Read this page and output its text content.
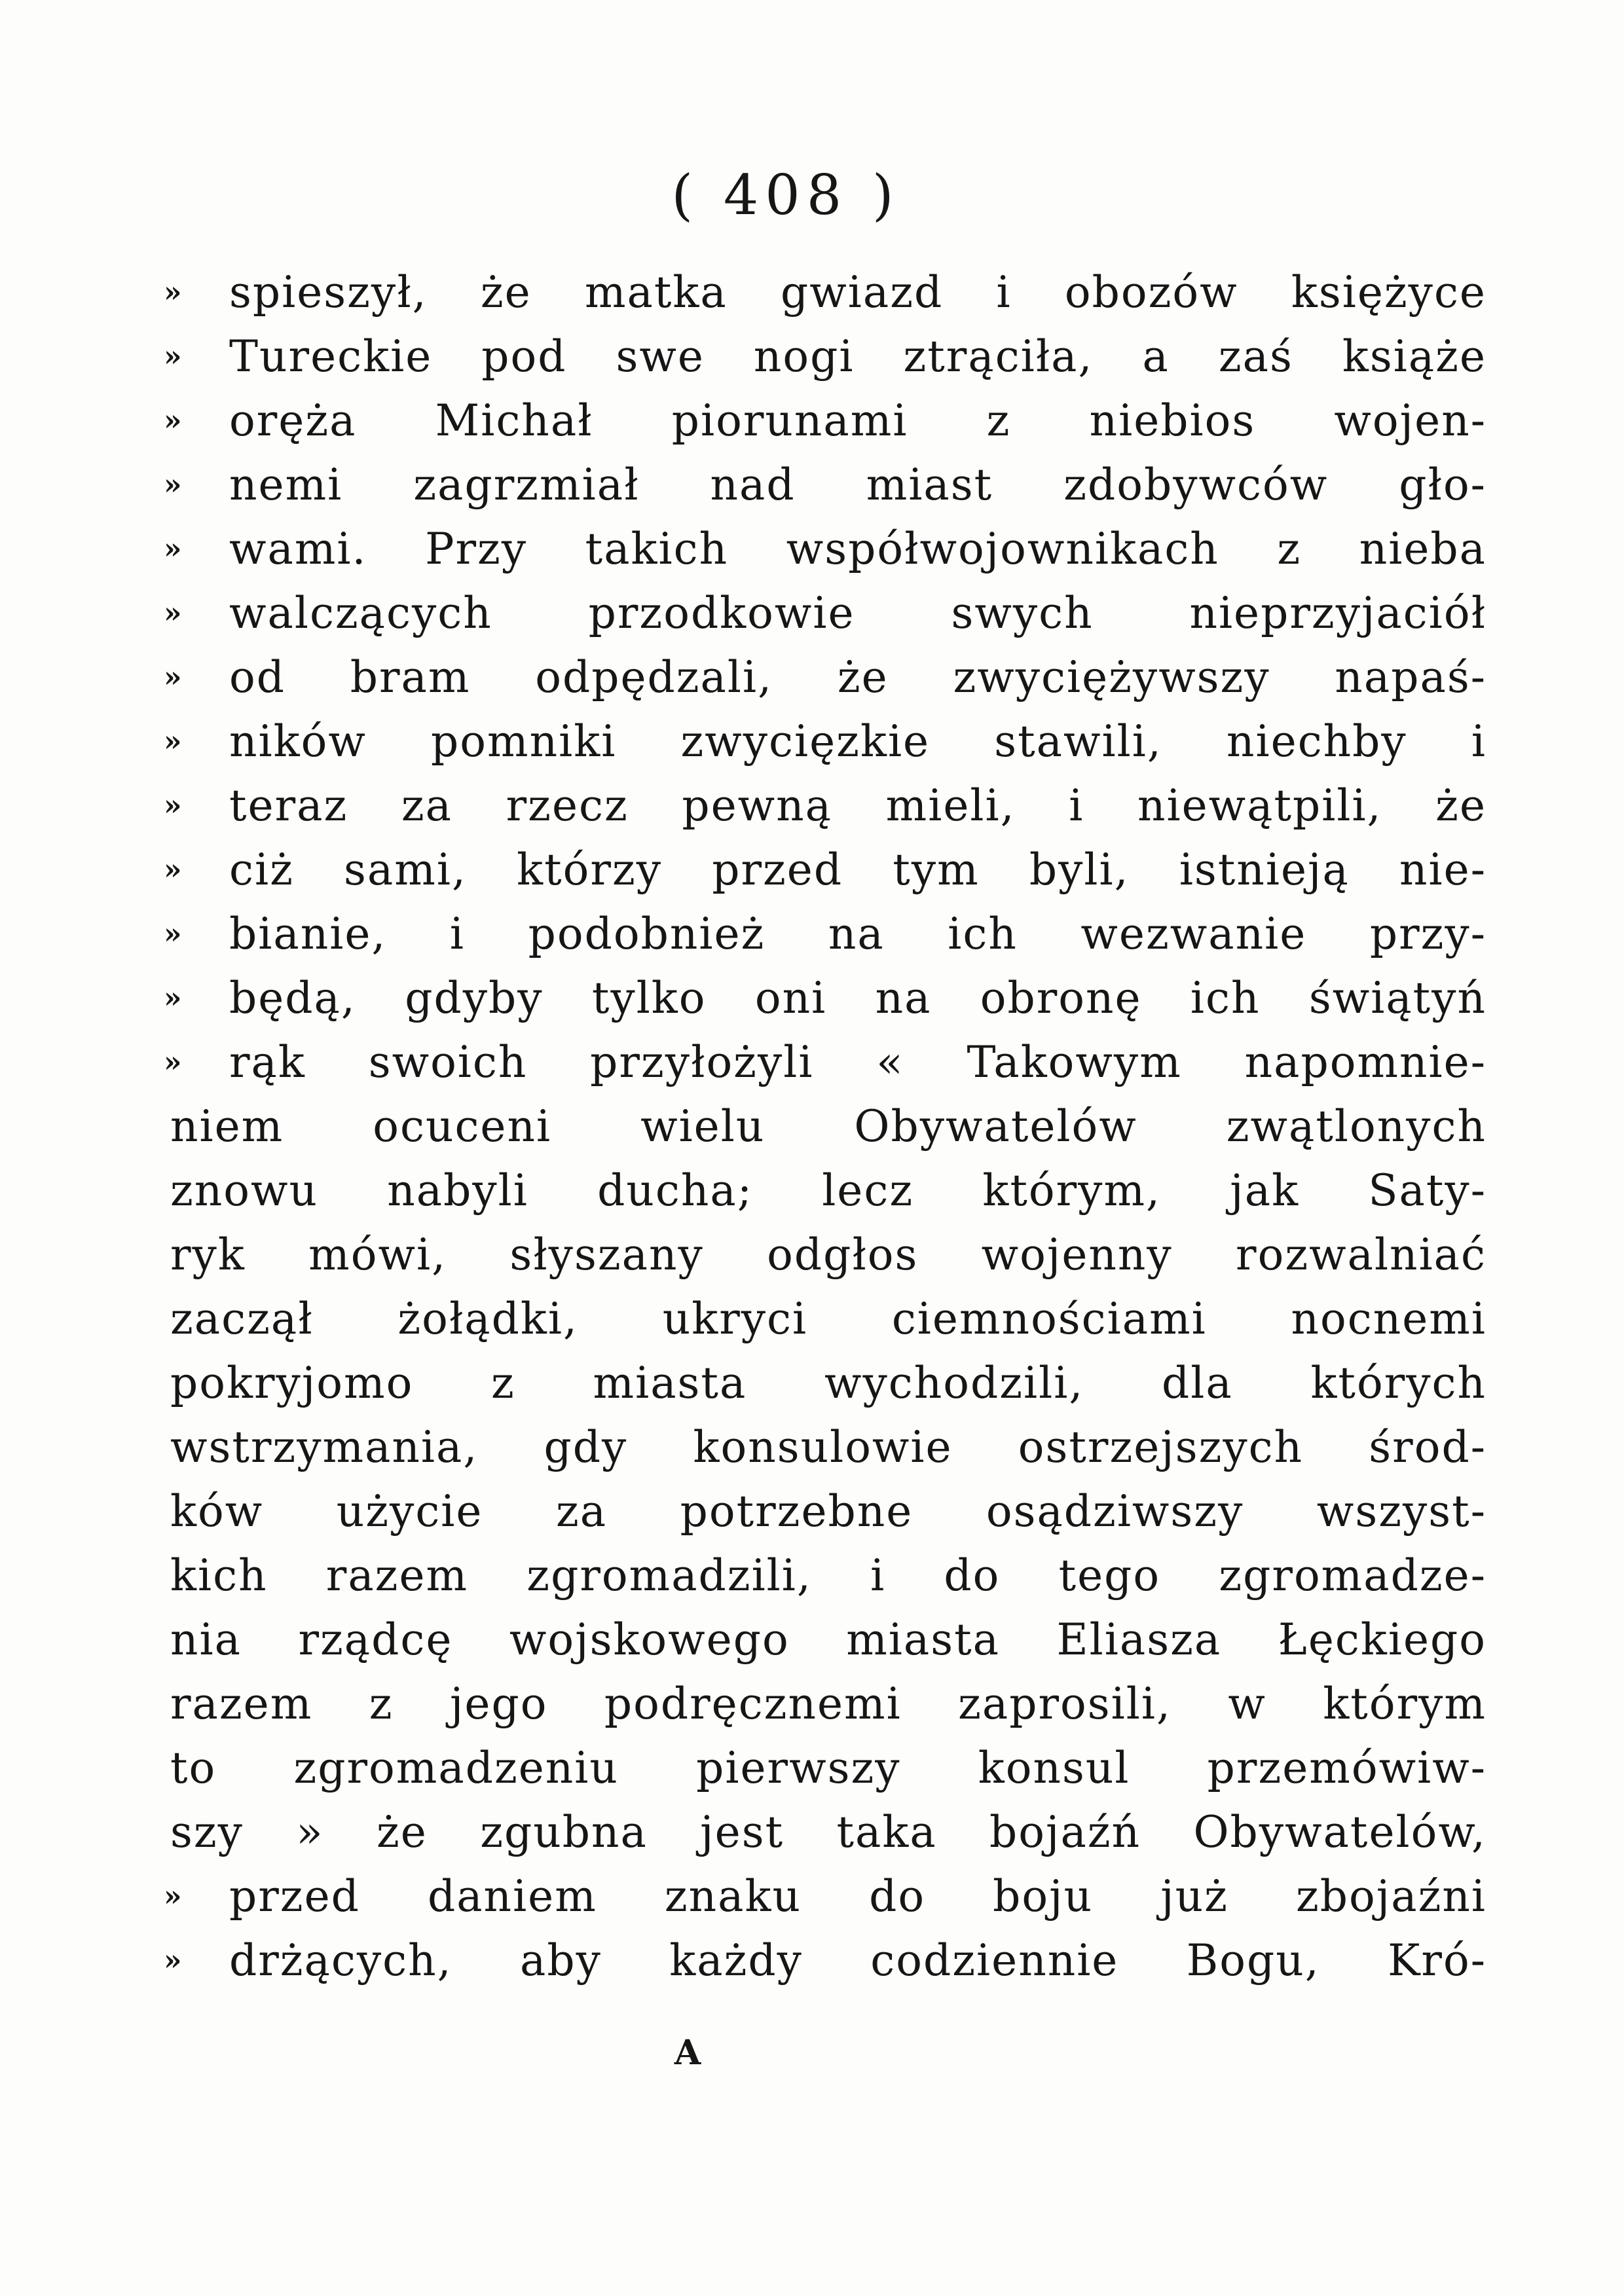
( 408 )
»	spieszył, że matka gwiazd i obozów księżyce
»	Tureckie pod swe nogi ztrąciła, a zaś książe
»	oręża Michał piorunami z niebios wojen-
»	nemi zagrzmiał nad miast zdobywców gło-
»	wami. Przy takich współwojownikach z nieba
»	walczących przodkowie swych nieprzyjaciół
»	od bram odpędzali, że zwyciężywszy napaś-
»	ników pomniki zwycięzkie stawili, niechby i
»	teraz za rzecz pewną mieli, i niewątpili, że
»	ciż sami, którzy przed tym byli, istnieją nie-
»	bianie, i podobnież na ich wezwanie przy-
»	będą, gdyby tylko oni na obronę ich świątyń
»	rąk swoich przyłożyli « Takowym napomnie-
niem ocuceni wielu Obywatelów zwątlonych
znowu nabyli ducha; lecz którym, jak Saty-
ryk mówi, słyszany odgłos wojenny rozwalniać
zaczął żołądki, ukryci ciemnościami nocnemi
pokryjomo z miasta wychodzili, dla których
wstrzymania, gdy konsulowie ostrzejszych środ-
ków użycie za potrzebne osądziwszy wszyst-
kich razem zgromadzili, i do tego zgromadze-
nia rządcę wojskowego miasta Eliasza Łęckiego
razem z jego podręcznemi zaprosili, w którym
to zgromadzeniu pierwszy konsul przemówiw-
szy » że zgubna jest taka bojaźń Obywatelów,
»	przed daniem znaku do boju już zbojaźni
»	drżących, aby każdy codziennie Bogu, Kró-
A
